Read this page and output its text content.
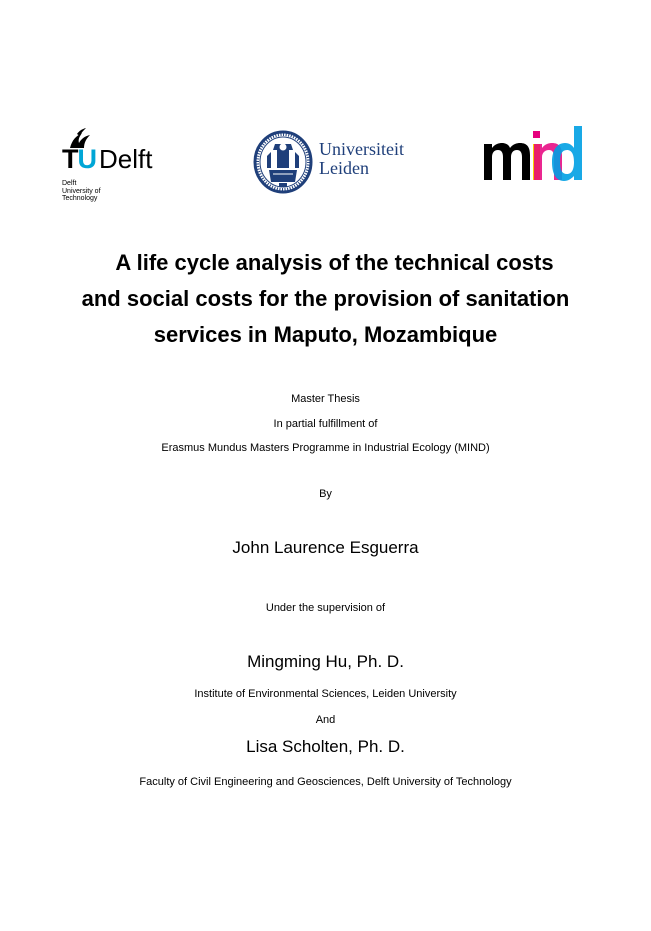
T U Delft
Delft
University of
Technology
Universiteit
Leiden
A life cycle analysis of the technical costs
and social costs for the provision of sanitation
services in Maputo, Mozambique
Master Thesis
In partial fulfillment of
Erasmus Mundus Masters Programme in Industrial Ecology (MIND)
By
John Laurence Esguerra
Under the supervision of
Mingming Hu, Ph. D.
Institute of Environmental Sciences, Leiden University
And
Lisa Scholten, Ph. D.
Faculty of Civil Engineering and Geosciences, Delft University of Technology
